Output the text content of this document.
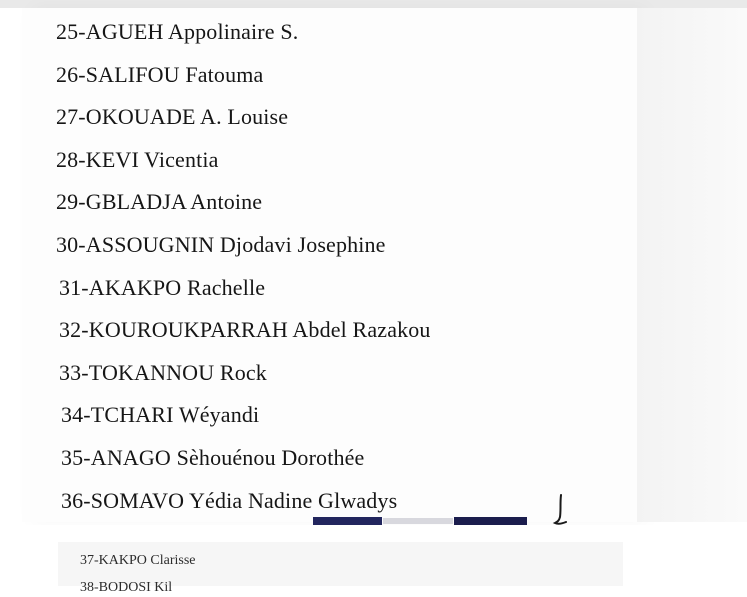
25-AGUEH Appolinaire S.
26-SALIFOU Fatouma
27-OKOUADE A. Louise
28-KEVI Vicentia
29-GBLADJA Antoine
30-ASSOUGNIN Djodavi Josephine
31-AKAKPO Rachelle
32-KOUROUKPARRAH Abdel Razakou
33-TOKANNOU Rock
34-TCHARI Wéyandi
35-ANAGO Sèhouénou Dorothée
36-SOMAVO Yédia Nadine Glwadys
37-KAKPO Clarisse
38-BODOSI Kil
